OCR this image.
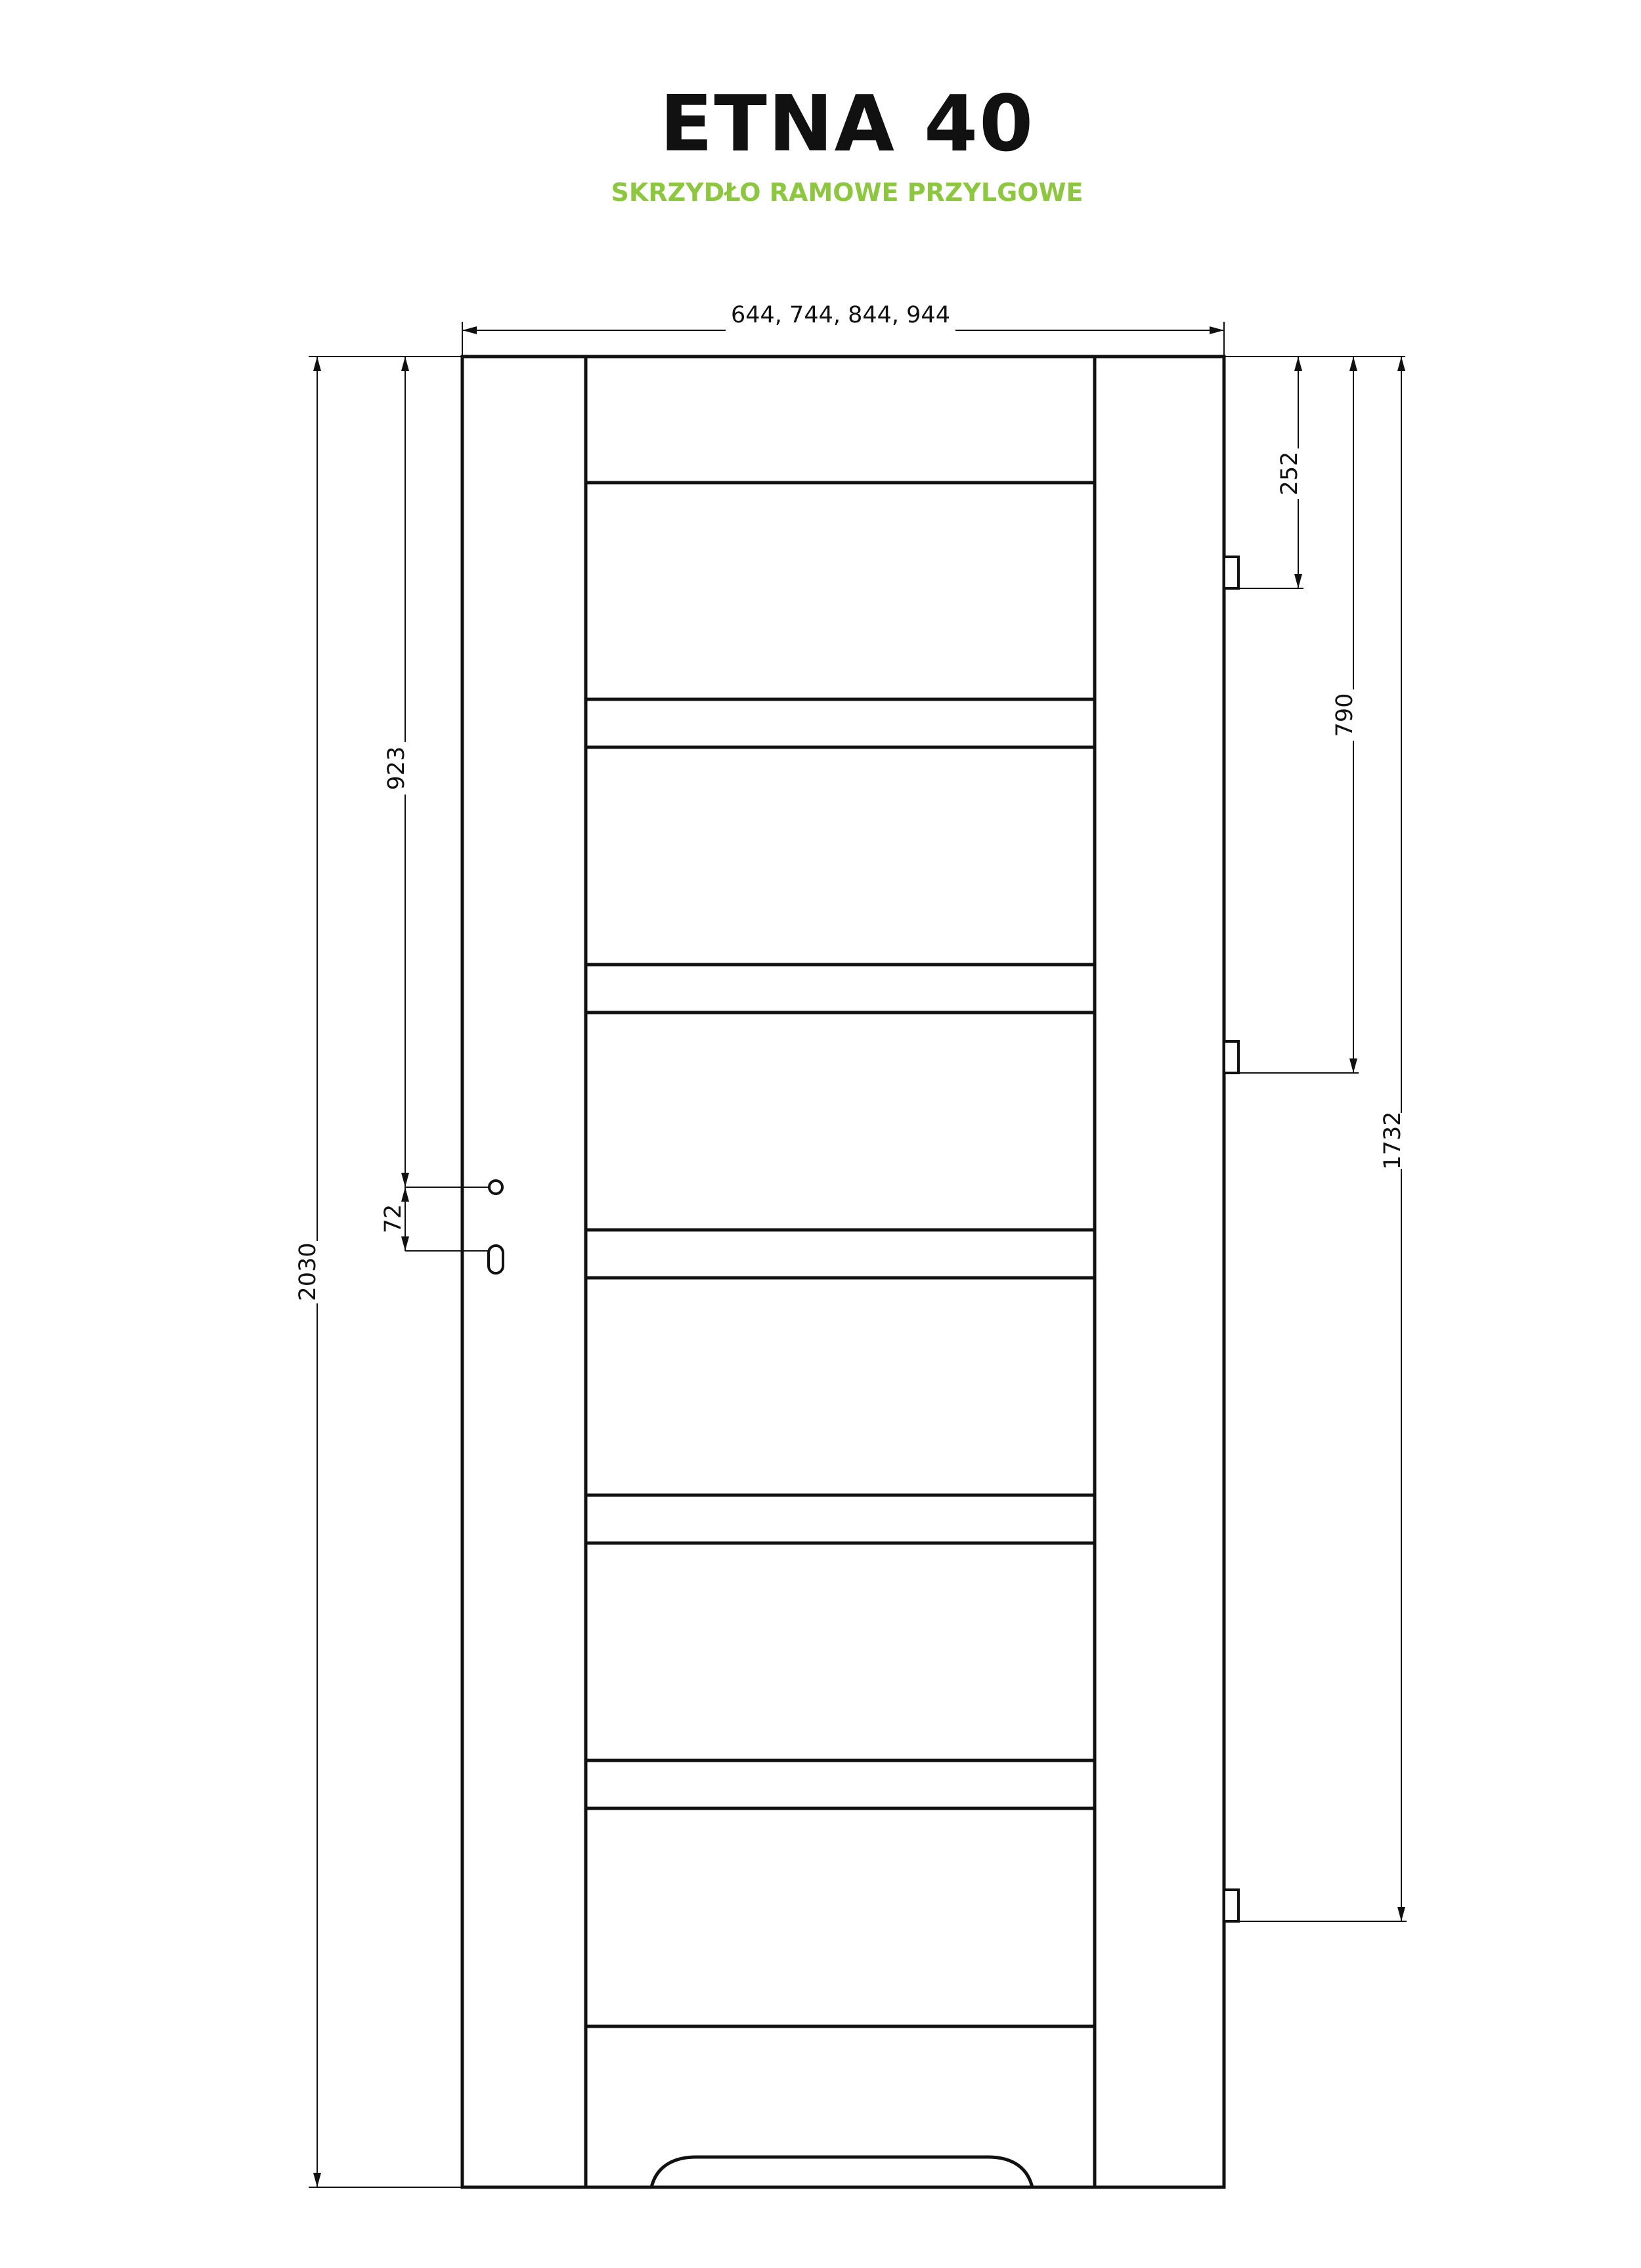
ETNA 40
SKRZYDŁO RAMOWE PRZYLGOWE
644, 744, 844, 944
2030
923
72
252
790
1732
